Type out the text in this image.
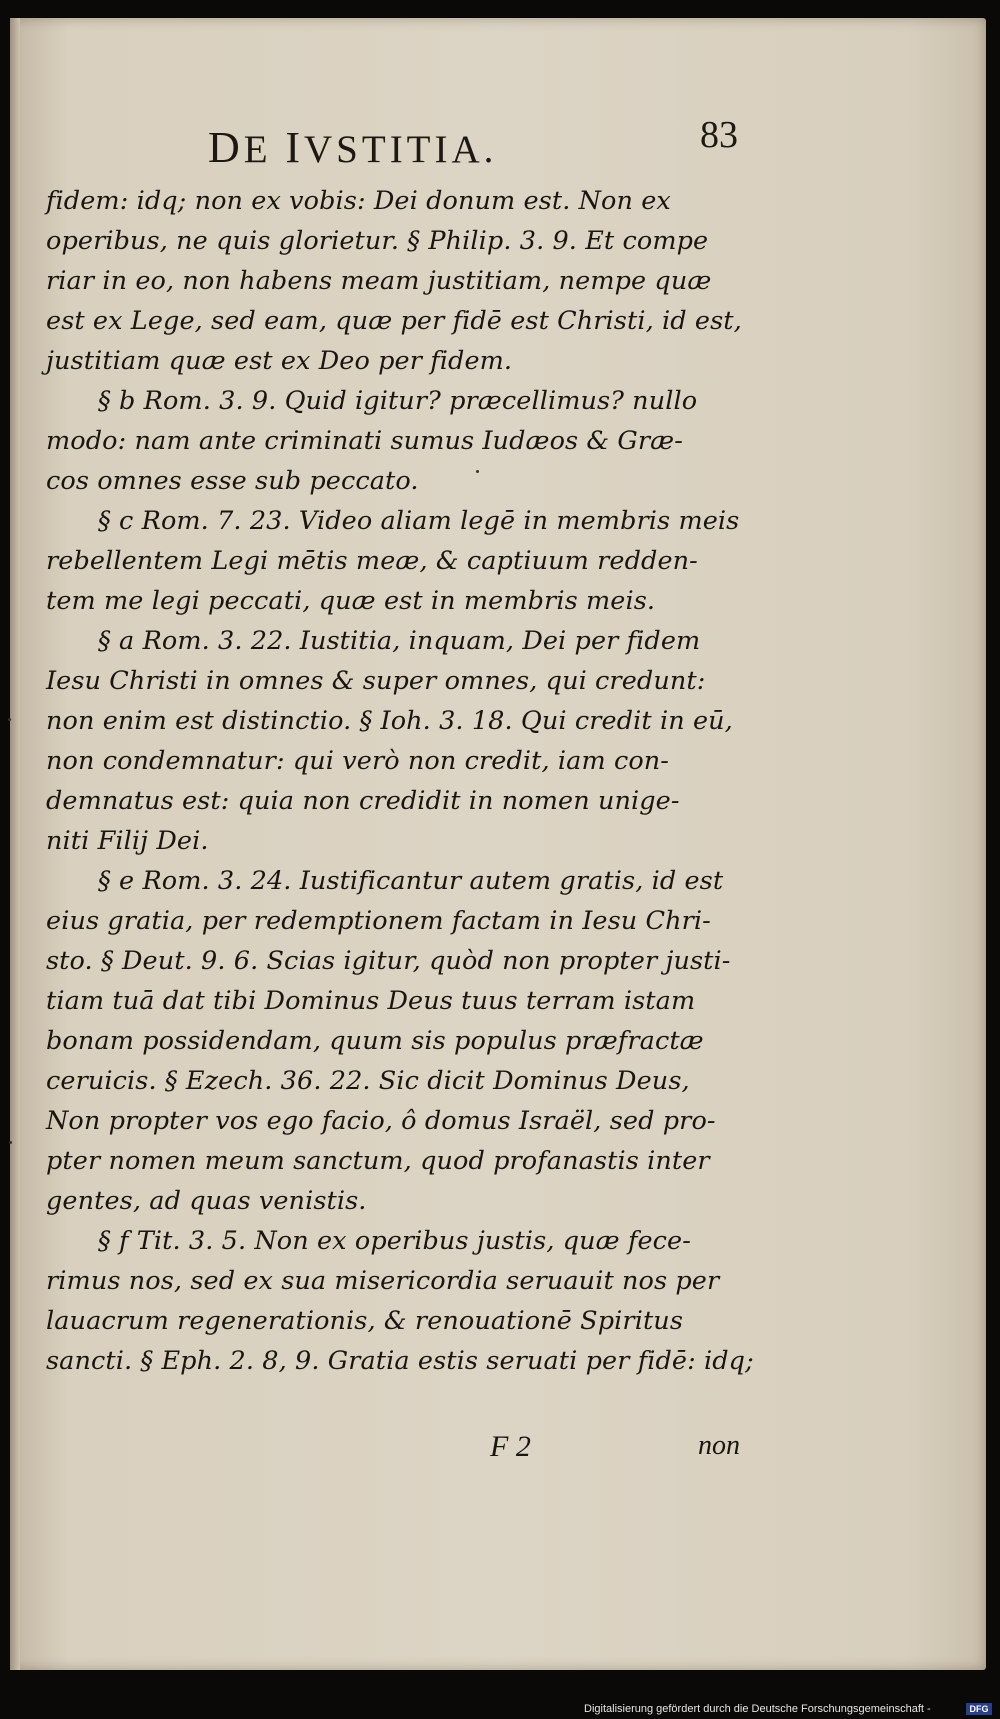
DE IVSTITIA.	83
fidem: idq; non ex vobis: Dei donum est. Non ex
operibus, ne quis glorietur. § Philip. 3. 9. Et compe
riar in eo, non habens meam justitiam, nempe quæ
est ex Lege, sed eam, quæ per fidē est Christi, id est,
justitiam quæ est ex Deo per fidem.
§ b Rom. 3. 9. Quid igitur? præcellimus? nullo
modo: nam ante criminati sumus Iudæos & Græ-
cos omnes esse sub peccato.
§ c Rom. 7. 23. Video aliam legē in membris meis
rebellentem Legi mētis meæ, & captiuum redden-
tem me legi peccati, quæ est in membris meis.
§ a Rom. 3. 22. Iustitia, inquam, Dei per fidem
Iesu Christi in omnes & super omnes, qui credunt:
non enim est distinctio. § Ioh. 3. 18. Qui credit in eū,
non condemnatur: qui verò non credit, iam con-
demnatus est: quia non credidit in nomen unige-
niti Filij Dei.
§ e Rom. 3. 24. Iustificantur autem gratis, id est
eius gratia, per redemptionem factam in Iesu Chri-
sto. § Deut. 9. 6. Scias igitur, quòd non propter justi-
tiam tuā dat tibi Dominus Deus tuus terram istam
bonam possidendam, quum sis populus præfractæ
ceruicis. § Ezech. 36. 22. Sic dicit Dominus Deus,
Non propter vos ego facio, ô domus Israël, sed pro-
pter nomen meum sanctum, quod profanastis inter
gentes, ad quas venistis.
§ f Tit. 3. 5. Non ex operibus justis, quæ fece-
rimus nos, sed ex sua misericordia seruauit nos per
lauacrum regenerationis, & renouationē Spiritus
sancti. § Eph. 2. 8, 9. Gratia estis seruati per fidē: idq;
F 2	non
Digitalisierung gefördert durch die Deutsche Forschungsgemeinschaft -	DFG
